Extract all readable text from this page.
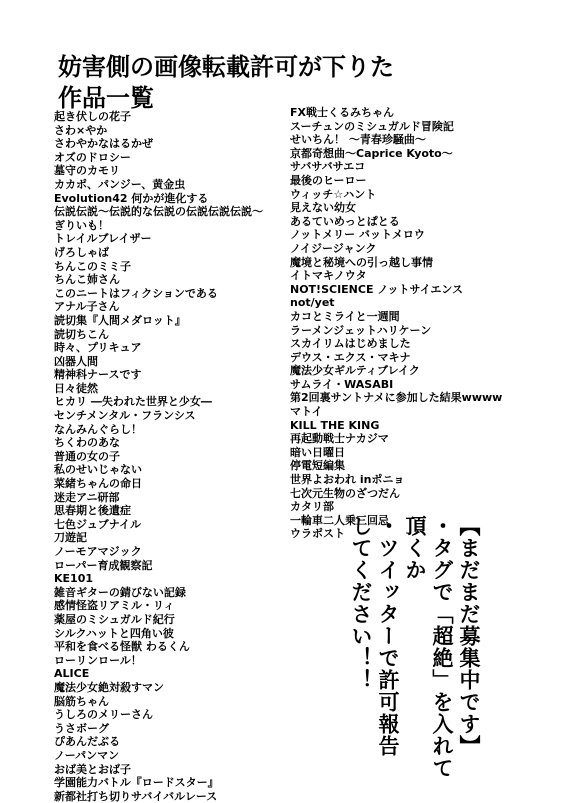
妨害側の画像転載許可が下りた
作品一覧
起き伏しの花子
さわ×やか
さわやかなはるかぜ
オズのドロシー
墓守のカモリ
カカポ、パンジー、黄金虫
Evolution42 何かが進化する
伝説伝説～伝説的な伝説の伝説伝説伝説～
ぎりいも！
トレイルブレイザー
げろしゃば
ちんこのミミ子
ちんこ姉さん
このニートはフィクションである
アナル子さん
読切集『人間メダロット』
読切ちこん
時々、プリキュア
凶器人間
精神科ナースです
日々徒然
ヒカリ ―失われた世界と少女―
センチメンタル・フランシス
なんみんぐらし！
ちくわのあな
普通の女の子
私のせいじゃない
菜緒ちゃんの命日
迷走アニ研部
思春期と後遺症
七色ジュブナイル
刀遊記
ノーモアマジック
ローパー育成観察記
KE101
雑音ギターの錆びない記録
感情怪盗リアミル・リィ
薬屋のミシュガルド紀行
シルクハットと四角い彼
平和を食べる怪獣 わるくん
ローリンロール！
ALICE
魔法少女絶対殺すマン
脳筋ちゃん
うしろのメリーさん
うさボーグ
ぴあんだぶる
ノーパンマン
おば美とおば子
学園能力バトル『ロードスター』
新都社打ち切りサバイバルレース
FX戦士くるみちゃん
スーチュンのミシュガルド冒険記
せいちん！ ～青春珍騒曲～
京都奇想曲～Caprice Kyoto～
サバサバサエコ
最後のヒーロー
ウィッチ☆ハント
見えない幼女
あるていめっとぱとる
ノットメリー バットメロウ
ノイジージャンク
魔境と秘境への引っ越し事情
イトマキノウタ
NOT!SCIENCE ノットサイエンス
not/yet
カコとミライと一週間
ラーメンジェットハリケーン
スカイリムはじめました
デウス・エクス・マキナ
魔法少女ギルティブレイク
サムライ・WASABI
第2回裏サントナメに参加した結果wwww
マトイ
KILL THE KING
再起動戦士ナカジマ
暗い日曜日
停電短編集
世界よおわれ inポニョ
七次元生物のざつだん
カタリ部
一輪車二人乗三回忌
ウラポスト	【まだまだ募集中です】
・タグで「超絶」を入れて頂くか
・ツイッターで許可報告
してください！！
